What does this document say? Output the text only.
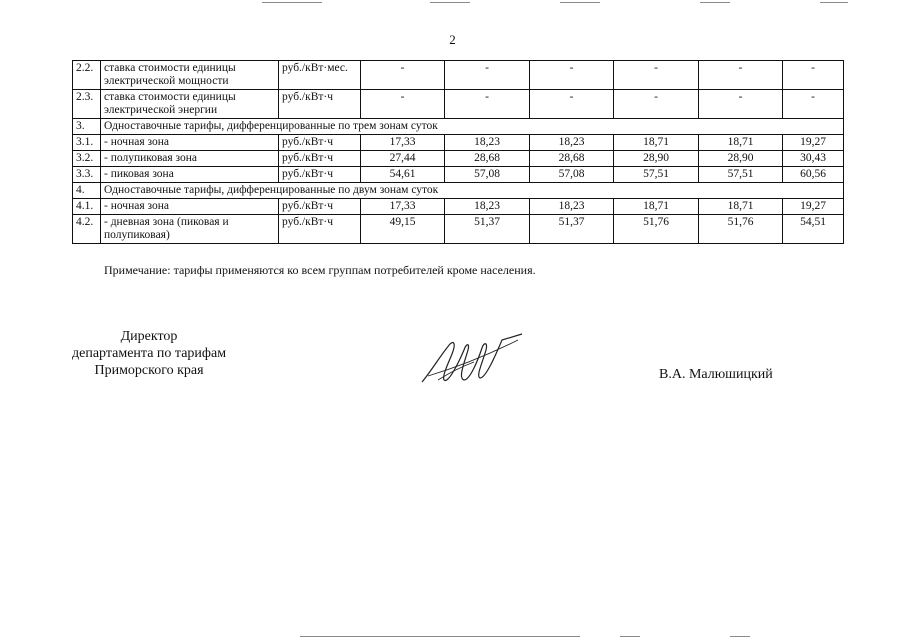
2
2.2.	ставка стоимости единицы электрической мощности	руб./кВт·мес.	-	-	-	-	-	-
2.3.	ставка стоимости единицы электрической энергии	руб./кВт·ч	-	-	-	-	-	-
3.	Одноставочные тарифы, дифференцированные по трем зонам суток							
3.1.	- ночная зона	руб./кВт·ч	17,33	18,23	18,23	18,71	18,71	19,27
3.2.	- полупиковая зона	руб./кВт·ч	27,44	28,68	28,68	28,90	28,90	30,43
3.3.	- пиковая зона	руб./кВт·ч	54,61	57,08	57,08	57,51	57,51	60,56
4.	Одноставочные тарифы, дифференцированные по двум зонам суток							
4.1.	- ночная зона	руб./кВт·ч	17,33	18,23	18,23	18,71	18,71	19,27
4.2.	- дневная зона (пиковая и полупиковая)	руб./кВт·ч	49,15	51,37	51,37	51,76	51,76	54,51
Примечание: тарифы применяются ко всем группам потребителей кроме населения.
Директор
департамента по тарифам
Приморского края	В.А. Малюшицкий
